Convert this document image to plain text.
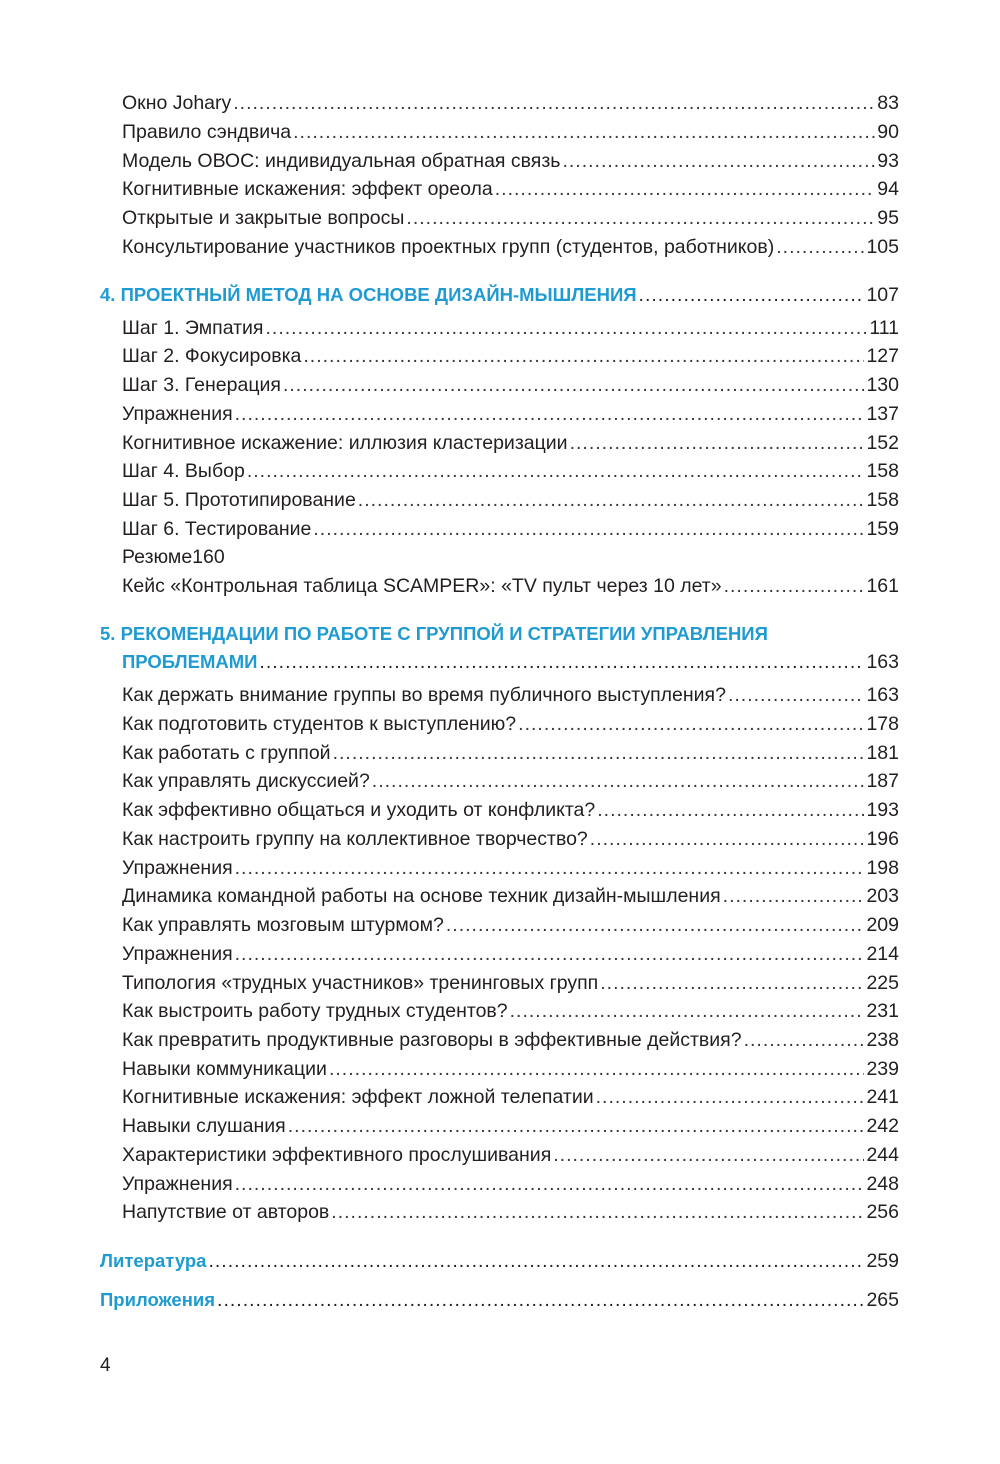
Окно Johary .....	83
Правило сэндвича .....	90
Модель ОВОС: индивидуальная обратная связь .....	93
Когнитивные искажения: эффект ореола .....	94
Открытые и закрытые вопросы .....	95
Консультирование участников проектных групп (студентов, работников) .....	105
4. ПРОЕКТНЫЙ МЕТОД НА ОСНОВЕ ДИЗАЙН-МЫШЛЕНИЯ .....	107
Шаг 1. Эмпатия .....	111
Шаг 2. Фокусировка .....	127
Шаг 3. Генерация .....	130
Упражнения .....	137
Когнитивное искажение: иллюзия кластеризации .....	152
Шаг 4. Выбор .....	158
Шаг 5. Прототипирование .....	158
Шаг 6. Тестирование .....	159
Резюме160
Кейс «Контрольная таблица SCAMPER»: «TV пульт через 10 лет» .....	161
5. РЕКОМЕНДАЦИИ ПО РАБОТЕ С ГРУППОЙ И СТРАТЕГИИ УПРАВЛЕНИЯ
ПРОБЛЕМАМИ .....	163
Как держать внимание группы во время публичного выступления? .....	163
Как подготовить студентов к выступлению? .....	178
Как работать с группой .....	181
Как управлять дискуссией? .....	187
Как эффективно общаться и уходить от конфликта? .....	193
Как настроить группу на коллективное творчество? .....	196
Упражнения .....	198
Динамика командной работы на основе техник дизайн-мышления .....	203
Как управлять мозговым штурмом? .....	209
Упражнения .....	214
Типология «трудных участников» тренинговых групп .....	225
Как выстроить работу трудных студентов? .....	231
Как превратить продуктивные разговоры в эффективные действия? .....	238
Навыки коммуникации .....	239
Когнитивные искажения: эффект ложной телепатии .....	241
Навыки слушания .....	242
Характеристики эффективного прослушивания .....	244
Упражнения .....	248
Напутствие от авторов .....	256
Литература .....	259
Приложения .....	265
4
